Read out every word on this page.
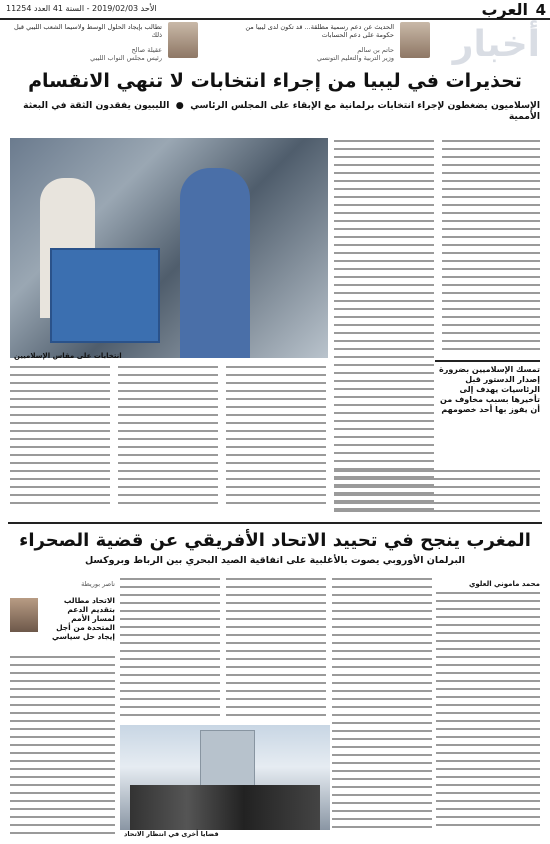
4
العرب
الأحد 2019/02/03 - السنة 41 العدد 11254
أخبار
الحديث عن دعم رسمية مطلقة... قد تكون لدى ليبيا من حكومة على دعم الحسابات
حاتم بن سالم
وزير التربية والتعليم التونسي
تطالب بإيجاد الحلول الوسط ولاسيما الشعب الليبي قبل ذلك
عقيلة صالح
رئيس مجلس النواب الليبي
تحذيرات في ليبيا من إجراء انتخابات لا تنهي الانقسام
الإسلاميون يضغطون لإجراء انتخابات برلمانية مع الإبقاء على المجلس الرئاسي  ●  الليبيون يفقدون الثقة في البعثة الأممية
انتخابات على مقاس الإسلاميين
تمسك الإسلاميين بضرورة إصدار الدستور قبل الرئاسيات يهدف إلى تأخيرها بسبب مخاوف من أن يفوز بها أحد خصومهم
المغرب ينجح في تحييد الاتحاد الأفريقي عن قضية الصحراء
البرلمان الأوروبي يصوت بالأغلبية على اتفاقية الصيد البحري بين الرباط وبروكسل
محمد ماموني العلوي
قضايا أخرى في انتظار الاتحاد
ناصر بوريطة
الاتحاد مطالب بتقديم الدعم لمسار الأمم المتحدة من أجل إيجاد حل سياسي
